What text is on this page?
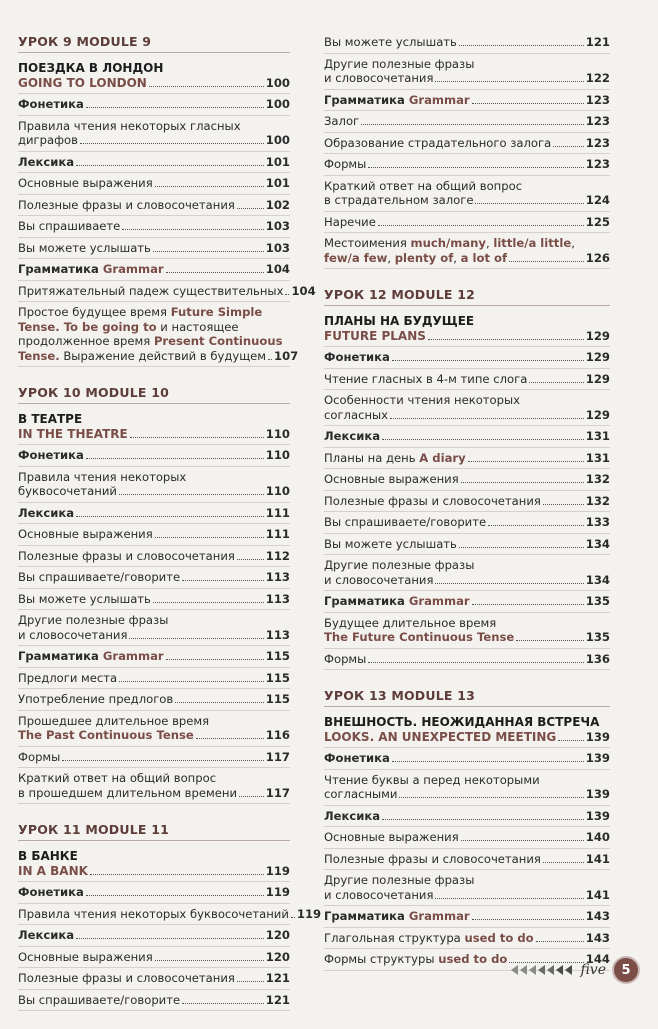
УРОК 9 MODULE 9
ПОЕЗДКА В ЛОНДОН
GOING TO LONDON	100
Фонетика	100
Правила чтения некоторых гласных
диграфов	100
Лексика	101
Основные выражения	101
Полезные фразы и словосочетания	102
Вы спрашиваете	103
Вы можете услышать	103
Грамматика Grammar	104
Притяжательный падеж существительных 104
Простое будущее время Future Simple
Tense. To be going to и настоящее
продолженное время Present Continuous
Tense. Выражение действий в будущем 107
УРОК 10 MODULE 10
В ТЕАТРЕ
IN THE THEATRE	110
Фонетика	110
Правила чтения некоторых
буквосочетаний	110
Лексика	111
Основные выражения	111
Полезные фразы и словосочетания	112
Вы спрашиваете/говорите	113
Вы можете услышать	113
Другие полезные фразы
и словосочетания	113
Грамматика Grammar	115
Предлоги места	115
Употребление предлогов	115
Прошедшее длительное время
The Past Continuous Tense	116
Формы	117
Краткий ответ на общий вопрос
в прошедшем длительном времени 117
УРОК 11 MODULE 11
В БАНКЕ
IN A BANK	119
Фонетика	119
Правила чтения некоторых буквосочетаний 119
Лексика	120
Основные выражения	120
Полезные фразы и словосочетания	121
Вы спрашиваете/говорите	121
Вы можете услышать	121
Другие полезные фразы
и словосочетания	122
Грамматика Grammar	123
Залог	123
Образование страдательного залога	123
Формы	123
Краткий ответ на общий вопрос
в страдательном залоге	124
Наречие	125
Местоимения much/many, little/a little,
few/a few, plenty of, a lot of	126
УРОК 12 MODULE 12
ПЛАНЫ НА БУДУЩЕЕ
FUTURE PLANS	129
Фонетика	129
Чтение гласных в 4-м типе слога	129
Особенности чтения некоторых
согласных	129
Лексика	131
Планы на день A diary	131
Основные выражения	132
Полезные фразы и словосочетания	132
Вы спрашиваете/говорите	133
Вы можете услышать	134
Другие полезные фразы
и словосочетания	134
Грамматика Grammar	135
Будущее длительное время
The Future Continuous Tense	135
Формы	136
УРОК 13 MODULE 13
ВНЕШНОСТЬ. НЕОЖИДАННАЯ ВСТРЕЧА
LOOKS. AN UNEXPECTED MEETING	139
Фонетика	139
Чтение буквы а перед некоторыми
согласными	139
Лексика	139
Основные выражения	140
Полезные фразы и словосочетания	141
Другие полезные фразы
и словосочетания	141
Грамматика Grammar	143
Глагольная структура used to do	143
Формы структуры used to do	144
five	5
